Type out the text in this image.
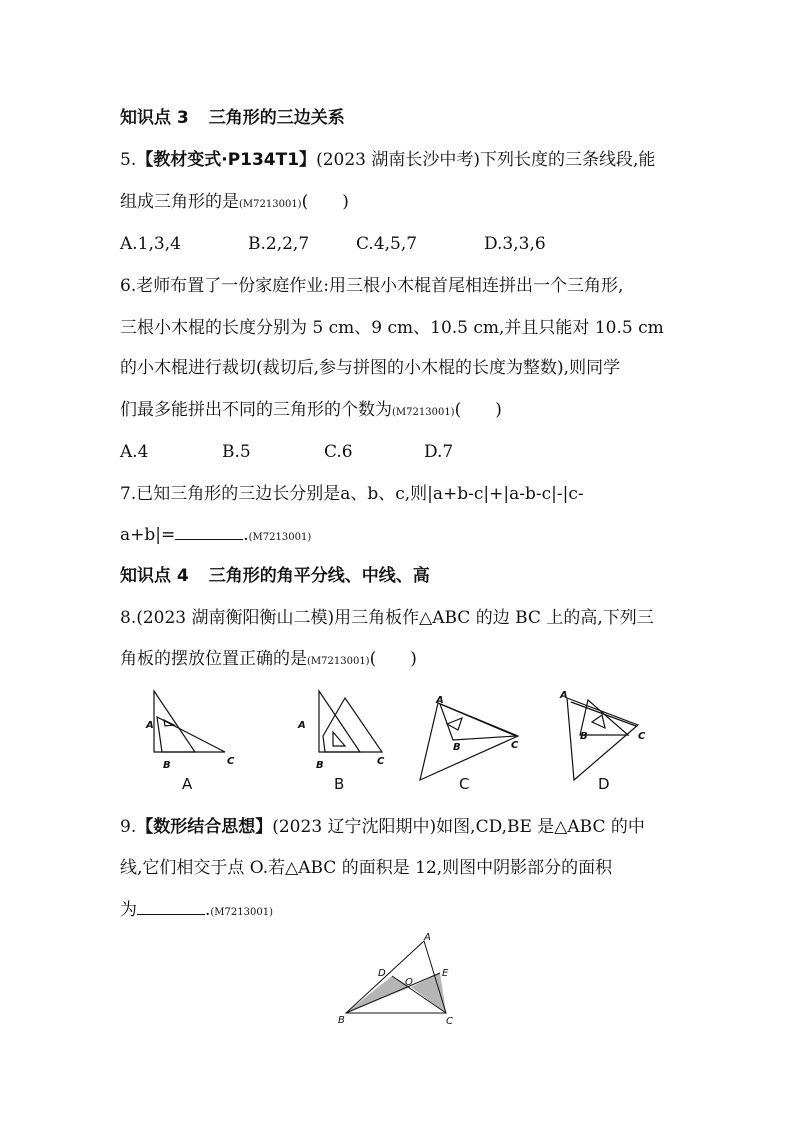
知识点 3 三角形的三边关系
5.【教材变式·P134T1】(2023 湖南长沙中考)下列长度的三条线段,能
组成三角形的是(M7213001)(　　)
A.1,3,4	B.2,2,7	C.4,5,7	D.3,3,6
6.老师布置了一份家庭作业:用三根小木棍首尾相连拼出一个三角形,
三根小木棍的长度分别为 5 cm、9 cm、10.5 cm,并且只能对 10.5 cm
的小木棍进行裁切(裁切后,参与拼图的小木棍的长度为整数),则同学
们最多能拼出不同的三角形的个数为(M7213001)(　　)
A.4	B.5	C.6	D.7
7.已知三角形的三边长分别是a、b、c,则|a+b-c|+|a-b-c|-|c-
a+b|=	.(M7213001)
知识点 4 三角形的角平分线、中线、高
8.(2023 湖南衡阳衡山二模)用三角板作△ABC 的边 BC 上的高,下列三
角板的摆放位置正确的是(M7213001)(　　)
A
B	C
A
B	C
A
B	C
A
B	C
A	B	C	D
9.【数形结合思想】(2023 辽宁沈阳期中)如图,CD,BE 是△ABC 的中
线,它们相交于点 O.若△ABC 的面积是 12,则图中阴影部分的面积
为	.(M7213001)
A
B	C
D	E
O
